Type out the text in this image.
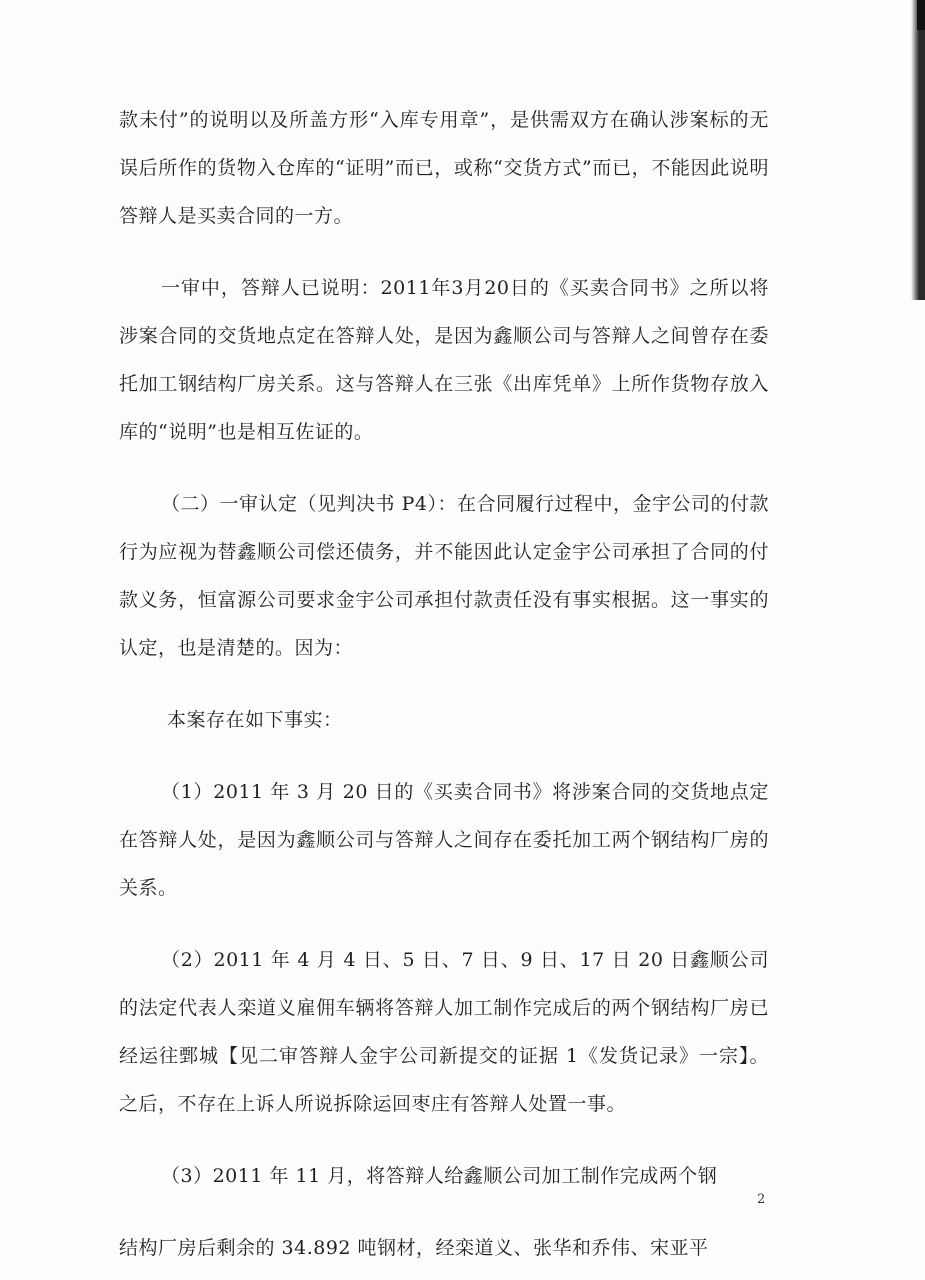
款未付”的说明以及所盖方形“入库专用章”，是供需双方在确认涉案标的无误后所作的货物入仓库的“证明”而已，或称“交货方式”而已，不能因此说明答辩人是买卖合同的一方。

一审中，答辩人已说明：2011年3月20日的《买卖合同书》之所以将涉案合同的交货地点定在答辩人处，是因为鑫顺公司与答辩人之间曾存在委托加工钢结构厂房关系。这与答辩人在三张《出库凭单》上所作货物存放入库的“说明”也是相互佐证的。

（二）一审认定（见判决书 P4）：在合同履行过程中，金宇公司的付款行为应视为替鑫顺公司偿还债务，并不能因此认定金宇公司承担了合同的付款义务，恒富源公司要求金宇公司承担付款责任没有事实根据。这一事实的认定，也是清楚的。因为：

本案存在如下事实：

（1）2011 年 3 月 20 日的《买卖合同书》将涉案合同的交货地点定在答辩人处，是因为鑫顺公司与答辩人之间存在委托加工两个钢结构厂房的关系。

（2）2011 年 4 月 4 日、5 日、7 日、9 日、17 日 20 日鑫顺公司的法定代表人栾道义雇佣车辆将答辩人加工制作完成后的两个钢结构厂房已经运往鄄城【见二审答辩人金宇公司新提交的证据 1《发货记录》一宗】。之后，不存在上诉人所说拆除运回枣庄有答辩人处置一事。

（3）2011 年 11 月，将答辩人给鑫顺公司加工制作完成两个钢

结构厂房后剩余的 34.892 吨钢材，经栾道义、张华和乔伟、宋亚平

2
